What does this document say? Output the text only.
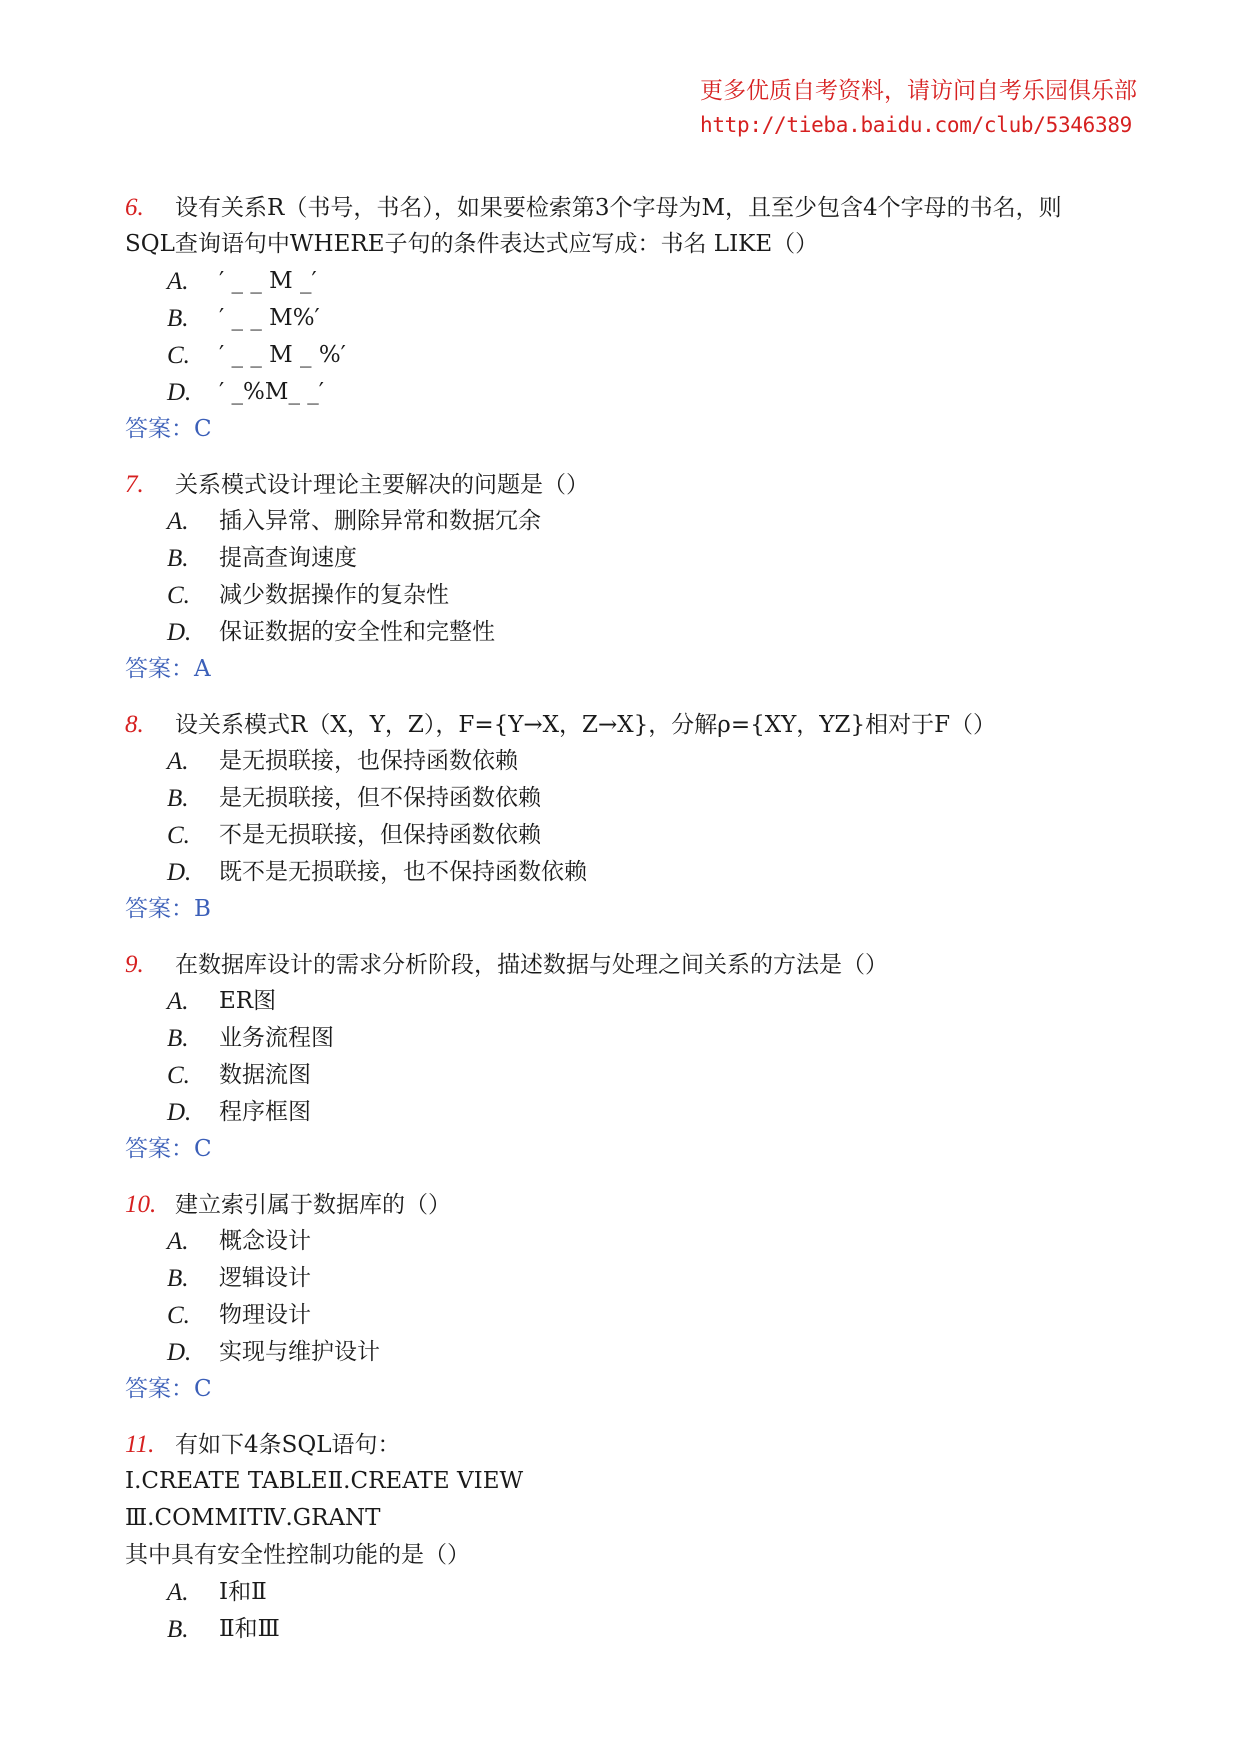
更多优质自考资料，请访问自考乐园俱乐部
http://tieba.baidu.com/club/5346389
6. 设有关系R（书号，书名），如果要检索第3个字母为M，且至少包含4个字母的书名，则
SQL查询语句中WHERE子句的条件表达式应写成：书名 LIKE（）
A.	′ _ _ M _′
B.	′ _ _ M%′
C.	′ _ _ M _ %′
D.	′ _%M_ _′
答案：C
7. 关系模式设计理论主要解决的问题是（）
A.	插入异常、删除异常和数据冗余
B.	提高查询速度
C.	减少数据操作的复杂性
D.	保证数据的安全性和完整性
答案：A
8. 设关系模式R（X，Y，Z），F={Y→X，Z→X}，分解ρ={XY，YZ}相对于F（）
A.	是无损联接，也保持函数依赖
B.	是无损联接，但不保持函数依赖
C.	不是无损联接，但保持函数依赖
D.	既不是无损联接，也不保持函数依赖
答案：B
9. 在数据库设计的需求分析阶段，描述数据与处理之间关系的方法是（）
A.	ER图
B.	业务流程图
C.	数据流图
D.	程序框图
答案：C
10. 建立索引属于数据库的（）
A.	概念设计
B.	逻辑设计
C.	物理设计
D.	实现与维护设计
答案：C
11. 有如下4条SQL语句：
Ⅰ.CREATE TABLEⅡ.CREATE VIEW
Ⅲ.COMMITⅣ.GRANT
其中具有安全性控制功能的是（）
A.	Ⅰ和Ⅱ
B.	Ⅱ和Ⅲ
